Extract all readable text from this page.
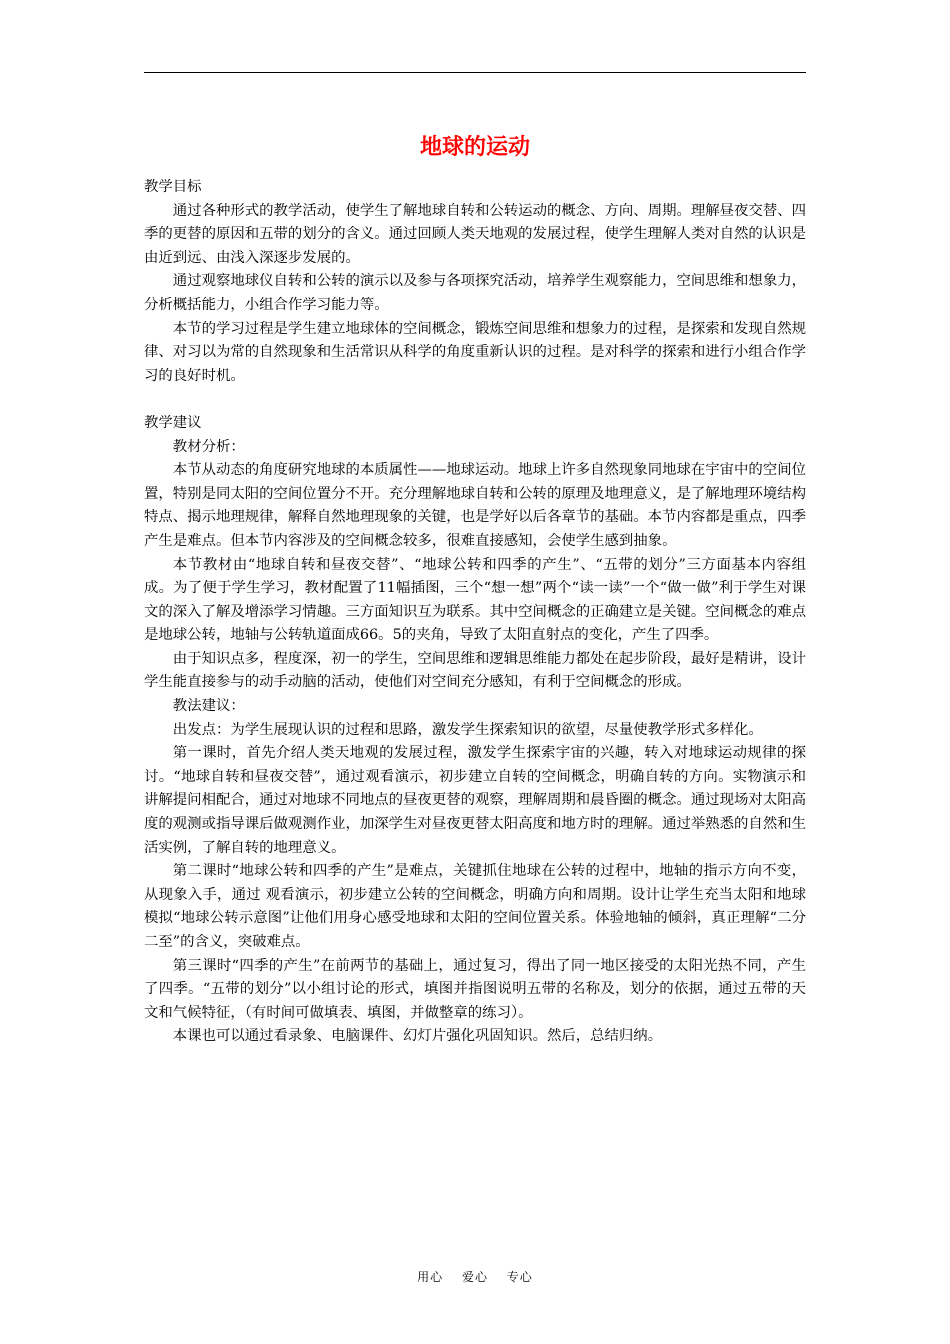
地球的运动

教学目标

通过各种形式的教学活动，使学生了解地球自转和公转运动的概念、方向、周期。理解昼夜交替、四季的更替的原因和五带的划分的含义。通过回顾人类天地观的发展过程，使学生理解人类对自然的认识是由近到远、由浅入深逐步发展的。

通过观察地球仪自转和公转的演示以及参与各项探究活动，培养学生观察能力，空间思维和想象力，分析概括能力，小组合作学习能力等。

本节的学习过程是学生建立地球体的空间概念，锻炼空间思维和想象力的过程，是探索和发现自然规律、对习以为常的自然现象和生活常识从科学的角度重新认识的过程。是对科学的探索和进行小组合作学习的良好时机。

教学建议

教材分析：

本节从动态的角度研究地球的本质属性——地球运动。地球上许多自然现象同地球在宇宙中的空间位置，特别是同太阳的空间位置分不开。充分理解地球自转和公转的原理及地理意义，是了解地理环境结构特点、揭示地理规律，解释自然地理现象的关键，也是学好以后各章节的基础。本节内容都是重点，四季产生是难点。但本节内容涉及的空间概念较多，很难直接感知，会使学生感到抽象。

本节教材由“地球自转和昼夜交替”、“地球公转和四季的产生”、“五带的划分”三方面基本内容组成。为了便于学生学习，教材配置了11幅插图，三个“想一想”两个“读一读”一个“做一做”利于学生对课文的深入了解及增添学习情趣。三方面知识互为联系。其中空间概念的正确建立是关键。空间概念的难点是地球公转，地轴与公转轨道面成66。5的夹角，导致了太阳直射点的变化，产生了四季。

由于知识点多，程度深，初一的学生，空间思维和逻辑思维能力都处在起步阶段，最好是精讲，设计学生能直接参与的动手动脑的活动，使他们对空间充分感知，有利于空间概念的形成。

教法建议：

出发点：为学生展现认识的过程和思路，激发学生探索知识的欲望，尽量使教学形式多样化。

第一课时，首先介绍人类天地观的发展过程，激发学生探索宇宙的兴趣，转入对地球运动规律的探讨。“地球自转和昼夜交替”，通过观看演示，初步建立自转的空间概念，明确自转的方向。实物演示和讲解提问相配合，通过对地球不同地点的昼夜更替的观察，理解周期和晨昏圈的概念。通过现场对太阳高度的观测或指导课后做观测作业，加深学生对昼夜更替太阳高度和地方时的理解。通过举熟悉的自然和生活实例，了解自转的地理意义。

第二课时“地球公转和四季的产生”是难点，关键抓住地球在公转的过程中，地轴的指示方向不变，从现象入手，通过 观看演示，初步建立公转的空间概念，明确方向和周期。设计让学生充当太阳和地球模拟“地球公转示意图”让他们用身心感受地球和太阳的空间位置关系。体验地轴的倾斜，真正理解“二分二至”的含义，突破难点。

第三课时“四季的产生”在前两节的基础上，通过复习，得出了同一地区接受的太阳光热不同，产生了四季。“五带的划分”以小组讨论的形式，填图并指图说明五带的名称及，划分的依据，通过五带的天文和气候特征，（有时间可做填表、填图，并做整章的练习）。

本课也可以通过看录象、电脑课件、幻灯片强化巩固知识。然后，总结归纳。

用心 爱心 专心
